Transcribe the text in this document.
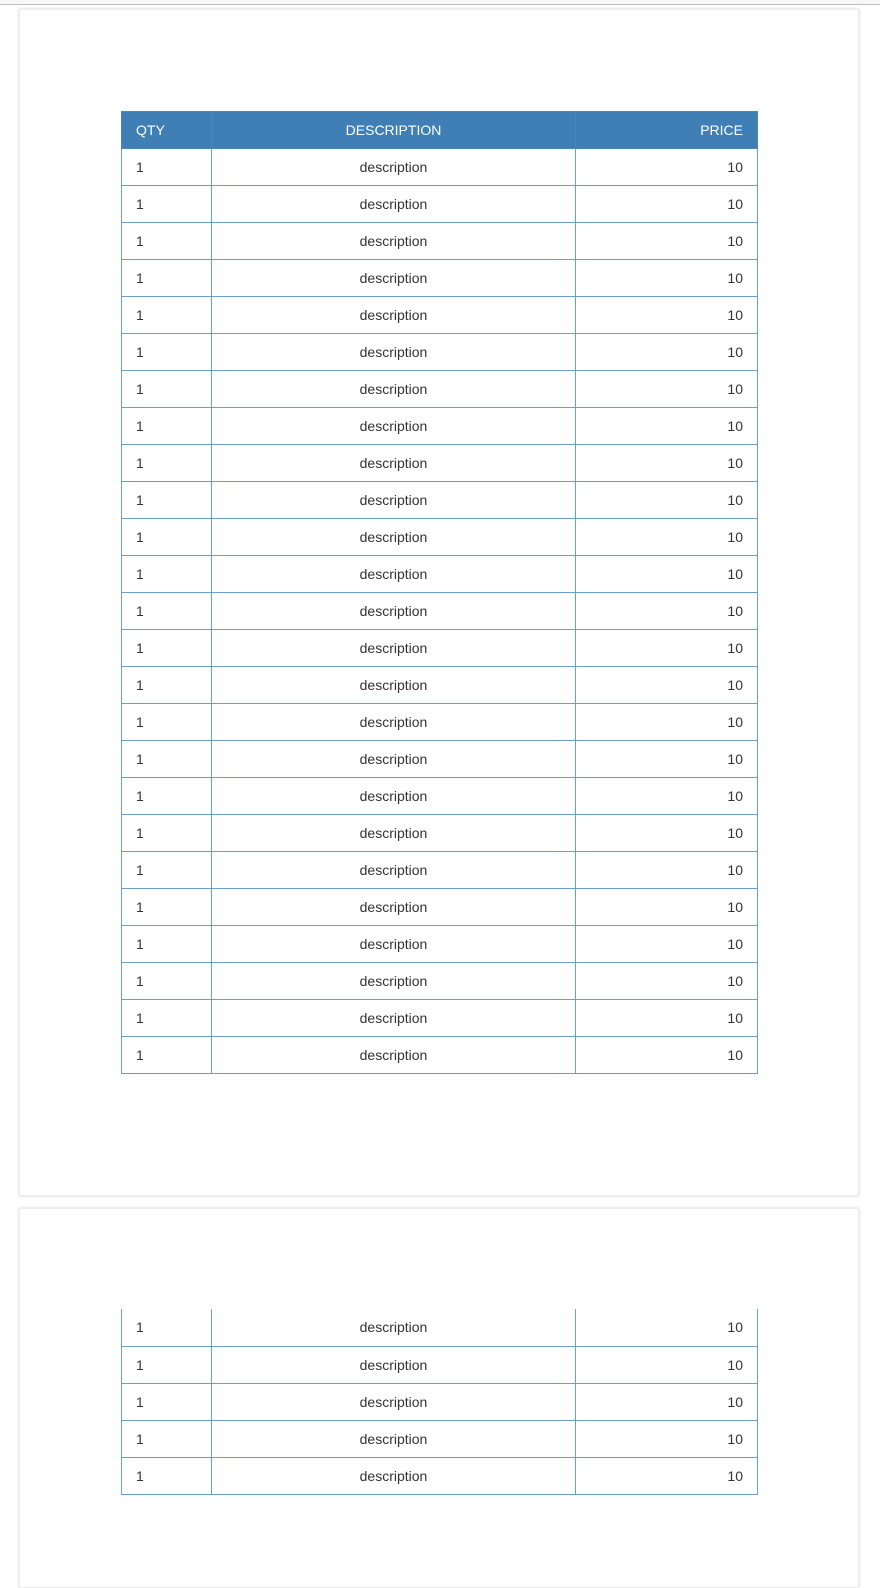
QTY	DESCRIPTION	PRICE
1	description	10
1	description	10
1	description	10
1	description	10
1	description	10
1	description	10
1	description	10
1	description	10
1	description	10
1	description	10
1	description	10
1	description	10
1	description	10
1	description	10
1	description	10
1	description	10
1	description	10
1	description	10
1	description	10
1	description	10
1	description	10
1	description	10
1	description	10
1	description	10
1	description	10
1	description	10
1	description	10
1	description	10
1	description	10
1	description	10
